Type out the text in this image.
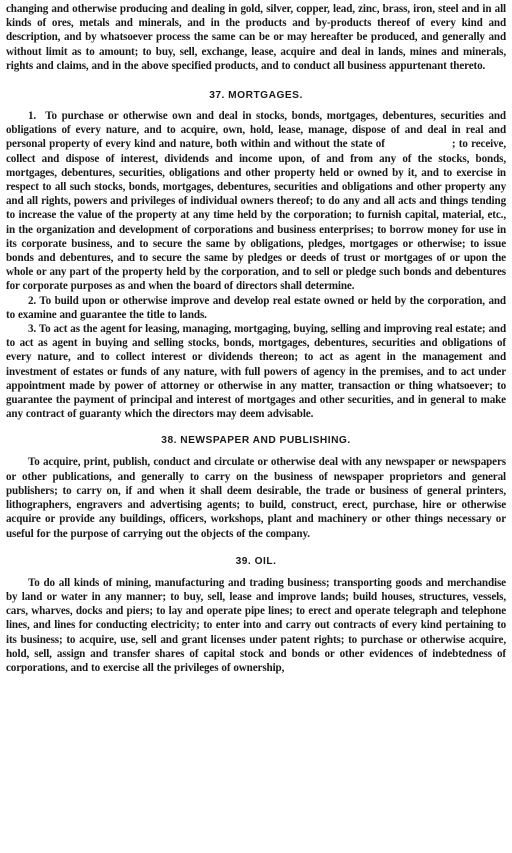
changing and otherwise producing and dealing in gold, silver, copper, lead, zinc, brass, iron, steel and in all kinds of ores, metals and minerals, and in the products and by-products thereof of every kind and description, and by whatsoever process the same can be or may hereafter be produced, and generally and without limit as to amount; to buy, sell, exchange, lease, acquire and deal in lands, mines and minerals, rights and claims, and in the above specified products, and to conduct all business appurtenant thereto.

37. MORTGAGES.

1.  To purchase or otherwise own and deal in stocks, bonds, mortgages, debentures, securities and obligations of every nature, and to acquire, own, hold, lease, manage, dispose of and deal in real and personal property of every kind and nature, both within and without the state of                    ; to receive, collect and dispose of interest, dividends and income upon, of and from any of the stocks, bonds, mortgages, debentures, securities, obligations and other property held or owned by it, and to exercise in respect to all such stocks, bonds, mortgages, debentures, securities and obligations and other property any and all rights, powers and privileges of individual owners thereof; to do any and all acts and things tending to increase the value of the property at any time held by the corporation; to furnish capital, material, etc., in the organization and development of corporations and business enterprises; to borrow money for use in its corporate business, and to secure the same by obligations, pledges, mortgages or otherwise; to issue bonds and debentures, and to secure the same by pledges or deeds of trust or mortgages of or upon the whole or any part of the property held by the corporation, and to sell or pledge such bonds and debentures for corporate purposes as and when the board of directors shall determine.

2. To build upon or otherwise improve and develop real estate owned or held by the corporation, and to examine and guarantee the title to lands.

3. To act as the agent for leasing, managing, mortgaging, buying, selling and improving real estate; and to act as agent in buying and selling stocks, bonds, mortgages, debentures, securities and obligations of every nature, and to collect interest or dividends thereon; to act as agent in the management and investment of estates or funds of any nature, with full powers of agency in the premises, and to act under appointment made by power of attorney or otherwise in any matter, transaction or thing whatsoever; to guarantee the payment of principal and interest of mortgages and other securities, and in general to make any contract of guaranty which the directors may deem advisable.

38. NEWSPAPER AND PUBLISHING.

To acquire, print, publish, conduct and circulate or otherwise deal with any newspaper or newspapers or other publications, and generally to carry on the business of newspaper proprietors and general publishers; to carry on, if and when it shall deem desirable, the trade or business of general printers, lithographers, engravers and advertising agents; to build, construct, erect, purchase, hire or otherwise acquire or provide any buildings, officers, workshops, plant and machinery or other things necessary or useful for the purpose of carrying out the objects of the company.

39. OIL.

To do all kinds of mining, manufacturing and trading business; transporting goods and merchandise by land or water in any manner; to buy, sell, lease and improve lands; build houses, structures, vessels, cars, wharves, docks and piers; to lay and operate pipe lines; to erect and operate telegraph and telephone lines, and lines for conducting electricity; to enter into and carry out contracts of every kind pertaining to its business; to acquire, use, sell and grant licenses under patent rights; to purchase or otherwise acquire, hold, sell, assign and transfer shares of capital stock and bonds or other evidences of indebtedness of corporations, and to exercise all the privileges of ownership,
